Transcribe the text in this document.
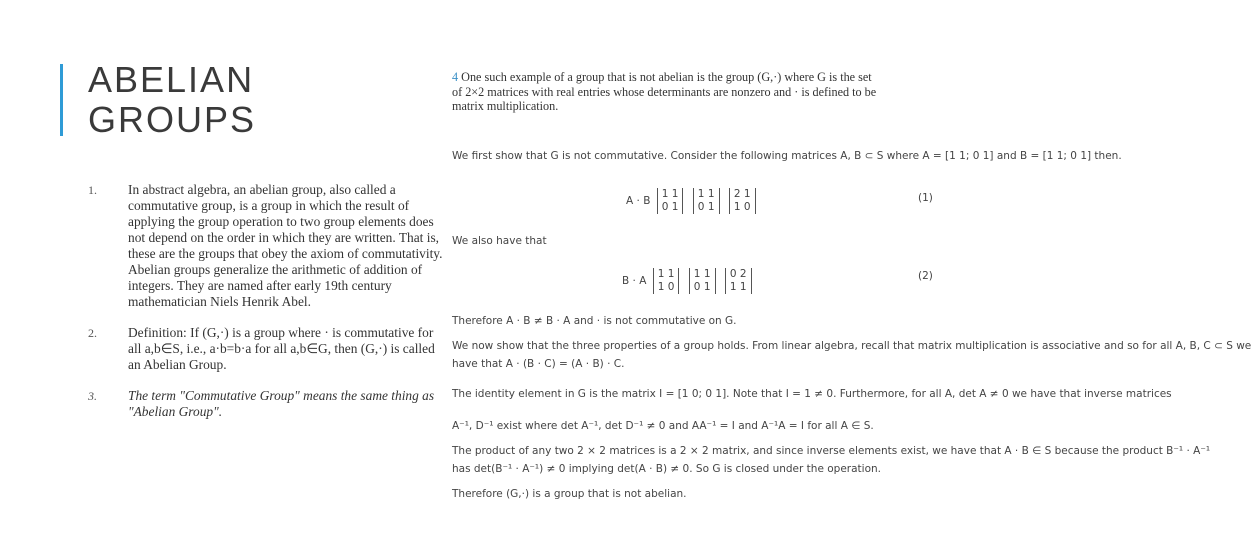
ABELIAN GROUPS
1. In abstract algebra, an abelian group, also called a commutative group, is a group in which the result of applying the group operation to two group elements does not depend on the order in which they are written. That is, these are the groups that obey the axiom of commutativity. Abelian groups generalize the arithmetic of addition of integers. They are named after early 19th century mathematician Niels Henrik Abel.
2. Definition: If (G,·) is a group where · is commutative for all a,b∈S, i.e., a·b=b·a for all a,b∈G, then (G,·) is called an Abelian Group.
3. The term "Commutative Group" means the same thing as "Abelian Group".
4 One such example of a group that is not abelian is the group (G,·) where G is the set of 2×2 matrices with real entries whose determinants are nonzero and · is defined to be matrix multiplication.

We first show that G is not commutative. Consider the following matrices A, B ⊂ S where A = [1 1; 0 1] and B = [1 1; 0 1] then.

We also have that

Therefore A · B ≠ B · A and · is not commutative on G.

We now show that the three properties of a group holds. From linear algebra, recall that matrix multiplication is associative and so for all A, B, C ⊂ S we

have that A · (B · C) = (A · B) · C.

The identity element in G is the matrix I = [1 0; 0 1]. Note that I = 1 ≠ 0. Furthermore, for all A, det A ≠ 0 we have that inverse matrices

A⁻¹, D⁻¹ exist where det A⁻¹, det D⁻¹ ≠ 0 and AA⁻¹ = I and A⁻¹A = I for all A ∈ S.

The product of any two 2 × 2 matrices is a 2 × 2 matrix, and since inverse elements exist, we have that A · B ∈ S because the product B⁻¹ · A⁻¹

has det(B⁻¹ · A⁻¹) ≠ 0 implying det(A · B) ≠ 0. So G is closed under the operation.

Therefore (G,·) is a group that is not abelian.

A · B 1 1
0 1 1 1
0 1 2 1
1 0
(1)
B · A 1 1
1 0 1 1
0 1 0 2
1 1
(2)
